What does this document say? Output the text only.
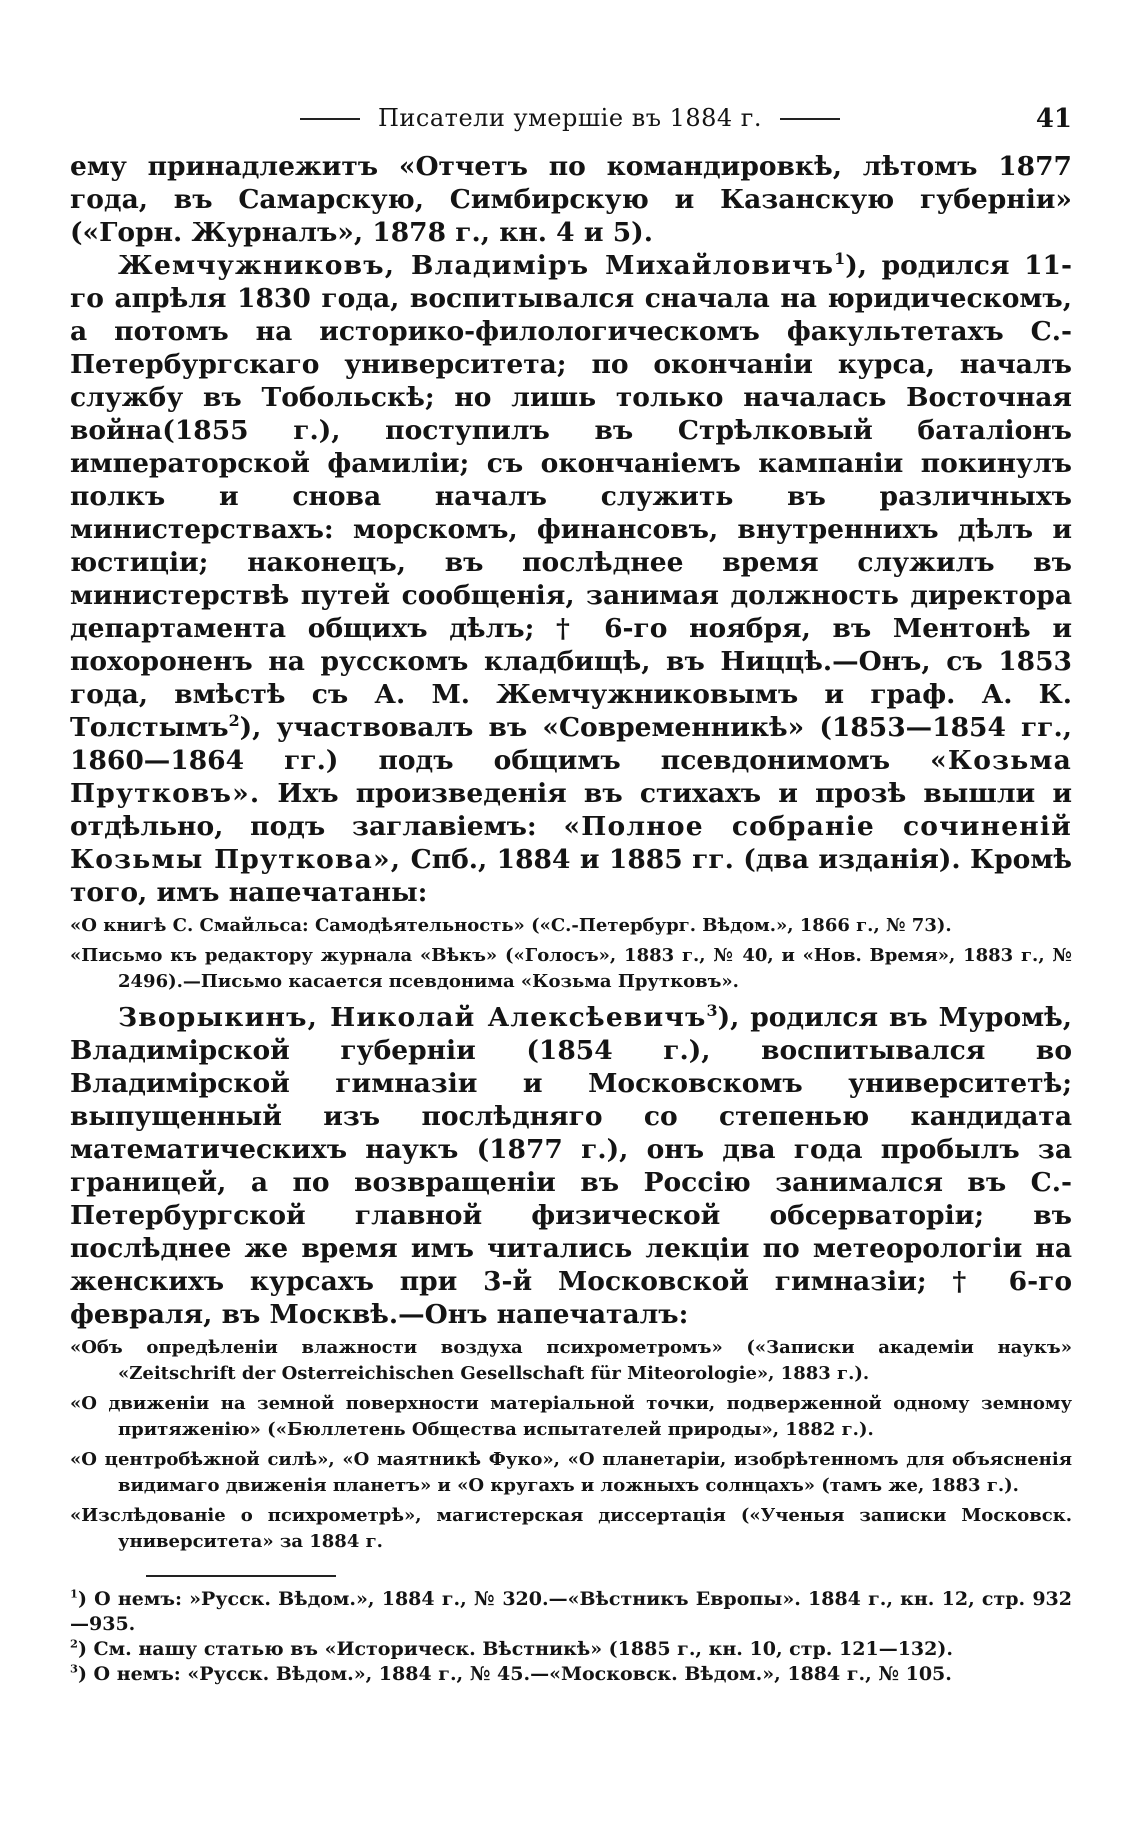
Писатели умершіе въ 1884 г.	41

ему принадлежитъ «Отчетъ по командировкѣ, лѣтомъ 1877 года, въ Самарскую, Симбирскую и Казанскую губерніи» («Горн. Журналъ», 1878 г., кн. 4 и 5).

Жемчужниковъ, Владиміръ Михайловичъ$^1$), родился 11-го апрѣля 1830 года, воспитывался сначала на юридическомъ, а потомъ на историко-филологическомъ факультетахъ С.-Петербургскаго университета; по окончаніи курса, началъ службу въ Тобольскѣ; но лишь только началась Восточная война(1855 г.), поступилъ въ Стрѣлковый баталіонъ императорской фамиліи; съ окончаніемъ кампаніи покинулъ полкъ и снова началъ служить въ различныхъ министерствахъ: морскомъ, финансовъ, внутреннихъ дѣлъ и юстиціи; наконецъ, въ послѣднее время служилъ въ министерствѣ путей сообщенія, занимая должность директора департамента общихъ дѣлъ; † 6-го ноября, въ Ментонѣ и похороненъ на русскомъ кладбищѣ, въ Ниццѣ.—Онъ, съ 1853 года, вмѣстѣ съ А. М. Жемчужниковымъ и граф. А. К. Толстымъ$^2$), участвовалъ въ «Современникѣ» (1853—1854 гг., 1860—1864 гг.) подъ общимъ псевдонимомъ «Козьма Прутковъ». Ихъ произведенія въ стихахъ и прозѣ вышли и отдѣльно, подъ заглавіемъ: «Полное собраніе сочиненій Козьмы Пруткова», Спб., 1884 и 1885 гг. (два изданія). Кромѣ того, имъ напечатаны:

«О книгѣ С. Смайльса: Самодѣятельность» («С.-Петербург. Вѣдом.», 1866 г., № 73).

«Письмо къ редактору журнала «Вѣкъ» («Голосъ», 1883 г., № 40, и «Нов. Время», 1883 г., № 2496).—Письмо касается псевдонима «Козьма Прутковъ».

Зворыкинъ, Николай Алексѣевичъ$^3$), родился въ Муромѣ, Владимірской губерніи (1854 г.), воспитывался во Владимірской гимназіи и Московскомъ университетѣ; выпущенный изъ послѣдняго со степенью кандидата математическихъ наукъ (1877 г.), онъ два года пробылъ за границей, а по возвращеніи въ Россію занимался въ С.-Петербургской главной физической обсерваторіи; въ послѣднее же время имъ читались лекціи по метеорологіи на женскихъ курсахъ при 3-й Московской гимназіи; † 6-го февраля, въ Москвѣ.—Онъ напечаталъ:

«Объ опредѣленіи влажности воздуха психрометромъ» («Записки академіи наукъ» «Zeitschrift der Osterreichischen Gesellschaft für Miteorologie», 1883 г.).

«О движеніи на земной поверхности матеріальной точки, подверженной одному земному притяженію» («Бюллетень Общества испытателей природы», 1882 г.).

«О центробѣжной силѣ», «О маятникѣ Фуко», «О планетаріи, изобрѣтенномъ для объясненія видимаго движенія планетъ» и «О кругахъ и ложныхъ солнцахъ» (тамъ же, 1883 г.).

«Изслѣдованіе о психрометрѣ», магистерская диссертація («Ученыя записки Московск. университета» за 1884 г.

$^1$) О немъ: »Русск. Вѣдом.», 1884 г., № 320.—«Вѣстникъ Европы». 1884 г., кн. 12, стр. 932—935.

$^2$) См. нашу статью въ «Историческ. Вѣстникѣ» (1885 г., кн. 10, стр. 121—132).

$^3$) О немъ: «Русск. Вѣдом.», 1884 г., № 45.—«Московск. Вѣдом.», 1884 г., № 105.
